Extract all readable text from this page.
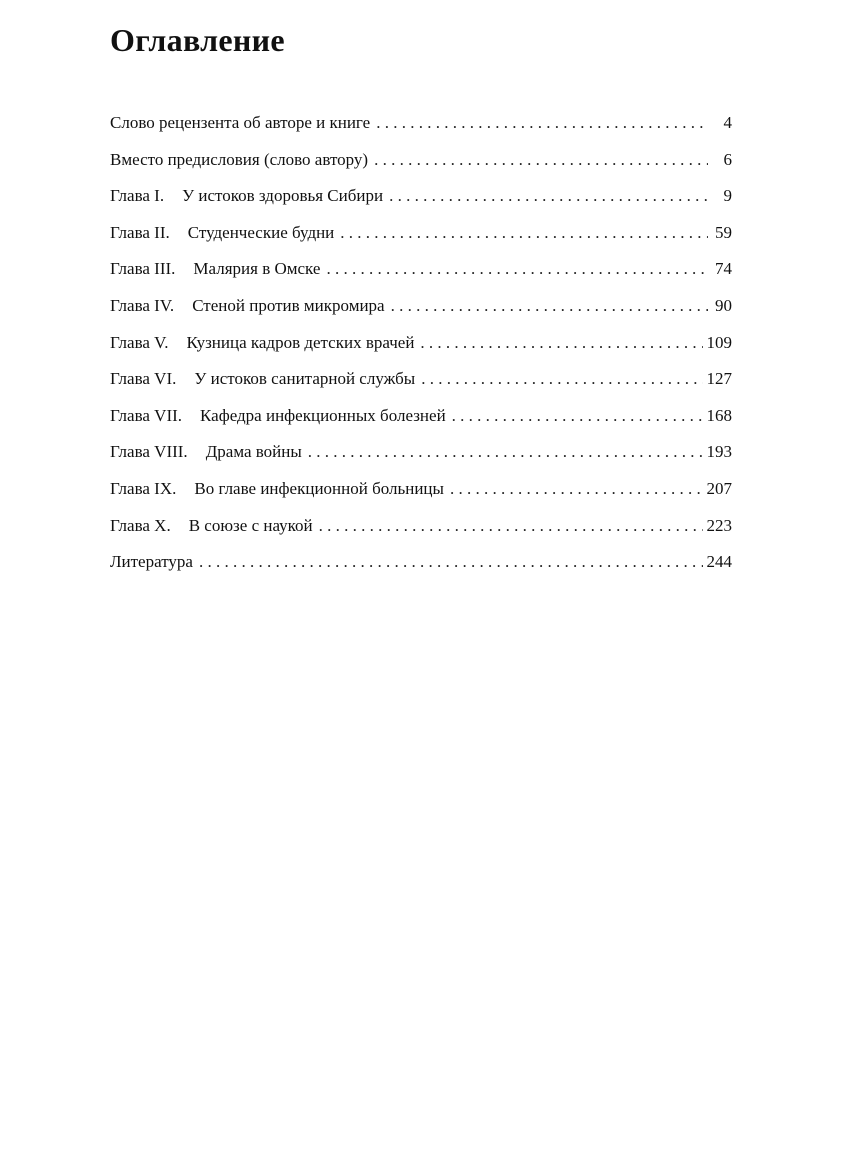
Оглавление
Слово рецензента об авторе и книге . . .	4
Вместо предисловия (слово автору) . . .	6
Глава I. У истоков здоровья Сибири . . .	9
Глава II. Студенческие будни . . .	59
Глава III. Малярия в Омске . . .	74
Глава IV. Стеной против микромира . . .	90
Глава V. Кузница кадров детских врачей . . .	109
Глава VI. У истоков санитарной службы . . .	127
Глава VII. Кафедра инфекционных болезней . . .	168
Глава VIII. Драма войны . . .	193
Глава IX. Во главе инфекционной больницы . . .	207
Глава X. В союзе с наукой . . .	223
Литература . . .	244
